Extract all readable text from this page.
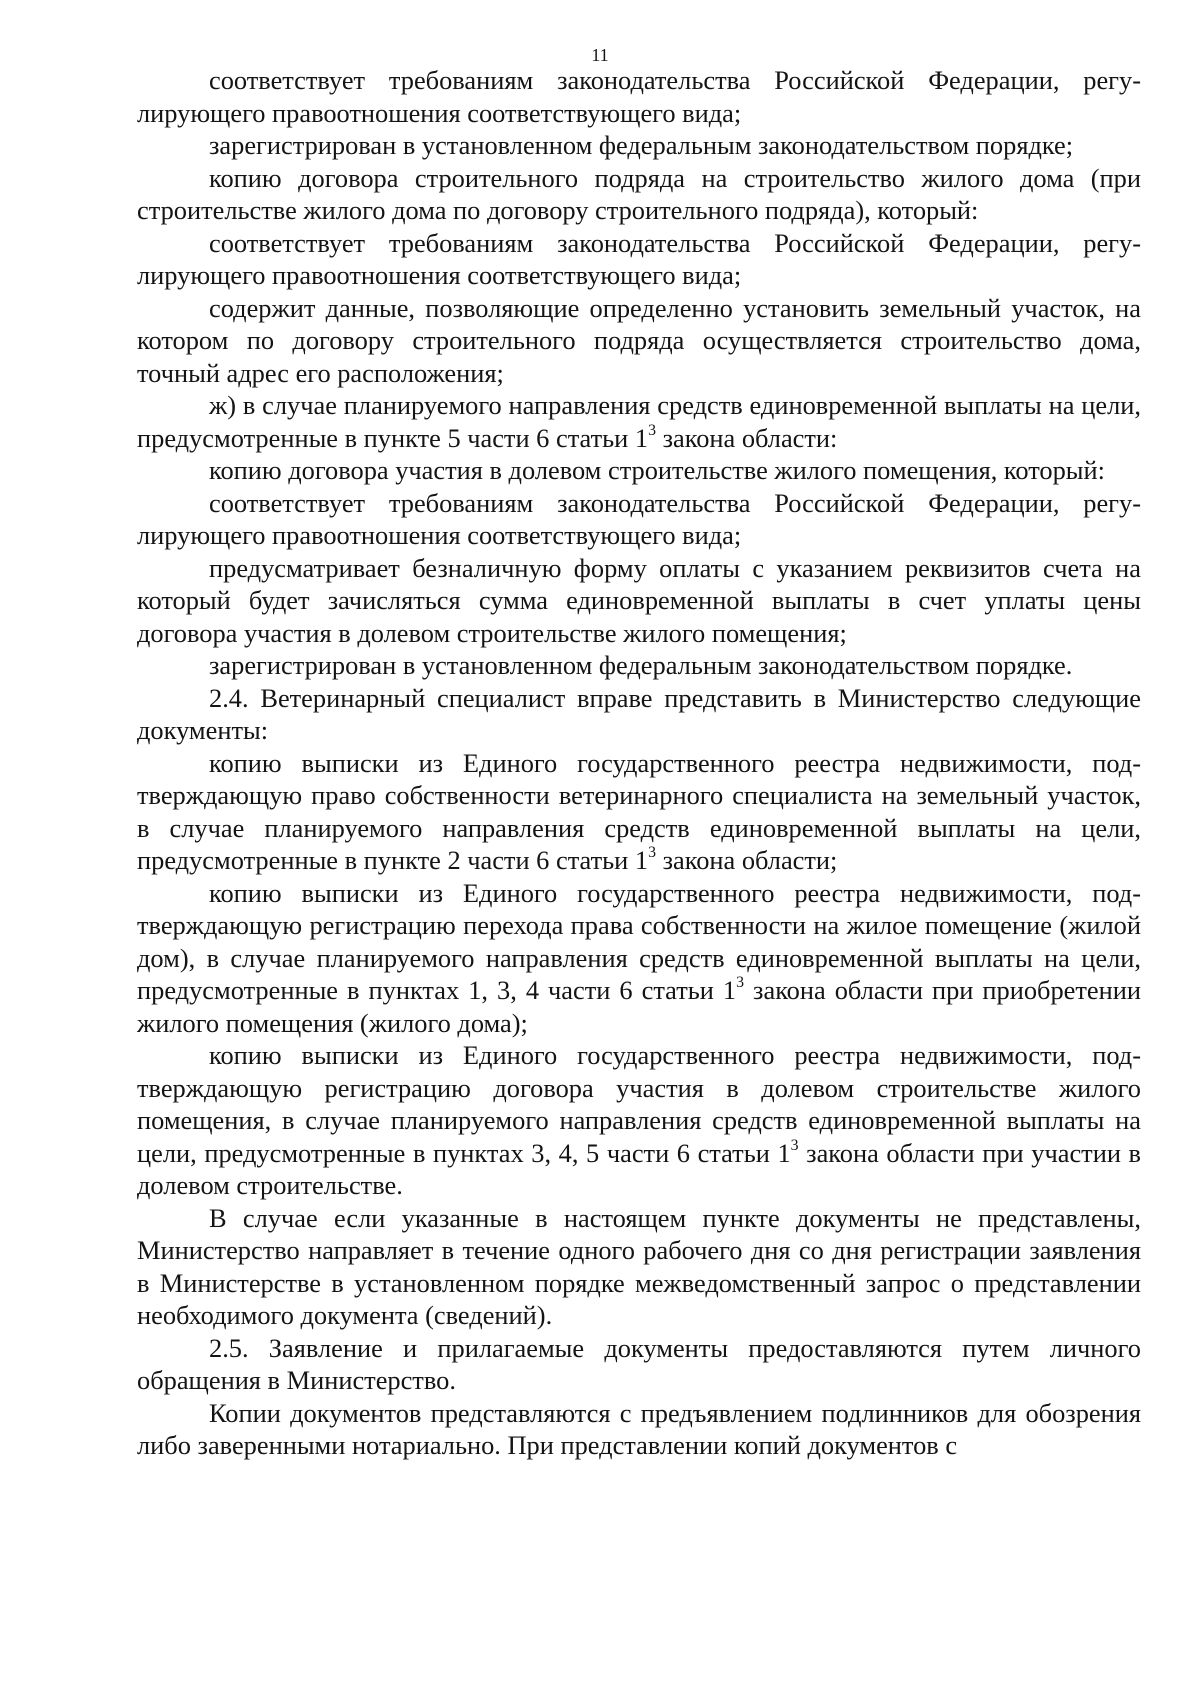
11

соответствует требованиям законодательства Российской Федерации, регулирующего правоотношения соответствующего вида;

зарегистрирован в установленном федеральным законодательством порядке;

копию договора строительного подряда на строительство жилого дома (при строительстве жилого дома по договору строительного подряда), который:

соответствует требованиям законодательства Российской Федерации, регулирующего правоотношения соответствующего вида;

содержит данные, позволяющие определенно установить земельный участок, на котором по договору строительного подряда осуществляется строительство дома, точный адрес его расположения;

ж) в случае планируемого направления средств единовременной выплаты на цели, предусмотренные в пункте 5 части 6 статьи $1^3$ закона области:

копию договора участия в долевом строительстве жилого помещения, который:

соответствует требованиям законодательства Российской Федерации, регулирующего правоотношения соответствующего вида;

предусматривает безналичную форму оплаты с указанием реквизитов счета на который будет зачисляться сумма единовременной выплаты в счет уплаты цены договора участия в долевом строительстве жилого помещения;

зарегистрирован в установленном федеральным законодательством порядке.

2.4. Ветеринарный специалист вправе представить в Министерство следующие документы:

копию выписки из Единого государственного реестра недвижимости, подтверждающую право собственности ветеринарного специалиста на земельный участок, в случае планируемого направления средств единовременной выплаты на цели, предусмотренные в пункте 2 части 6 статьи $1^3$ закона области;

копию выписки из Единого государственного реестра недвижимости, подтверждающую регистрацию перехода права собственности на жилое помещение (жилой дом), в случае планируемого направления средств единовременной выплаты на цели, предусмотренные в пунктах 1, 3, 4 части 6 статьи $1^3$ закона области при приобретении жилого помещения (жилого дома);

копию выписки из Единого государственного реестра недвижимости, подтверждающую регистрацию договора участия в долевом строительстве жилого помещения, в случае планируемого направления средств единовременной выплаты на цели, предусмотренные в пунктах 3, 4, 5 части 6 статьи $1^3$ закона области при участии в долевом строительстве.

В случае если указанные в настоящем пункте документы не представлены, Министерство направляет в течение одного рабочего дня со дня регистрации заявления в Министерстве в установленном порядке межведомственный запрос о представлении необходимого документа (сведений).

2.5. Заявление и прилагаемые документы предоставляются путем личного обращения в Министерство.

Копии документов представляются с предъявлением подлинников для обозрения либо заверенными нотариально. При представлении копий документов с
